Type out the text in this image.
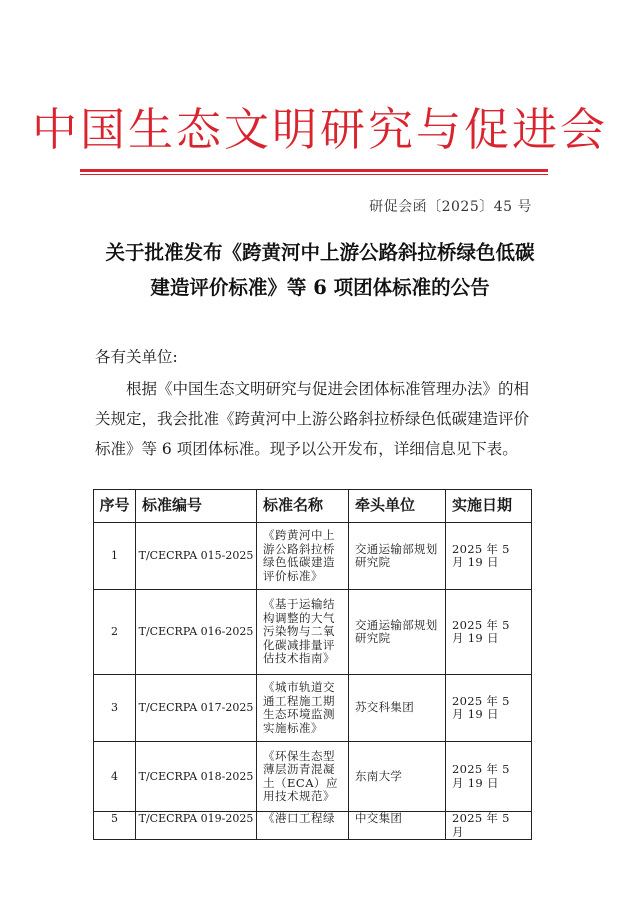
中国生态文明研究与促进会
研促会函〔2025〕45 号
关于批准发布《跨黄河中上游公路斜拉桥绿色低碳
建造评价标准》等 6 项团体标准的公告
各有关单位:
根据《中国生态文明研究与促进会团体标准管理办法》的相
关规定，我会批准《跨黄河中上游公路斜拉桥绿色低碳建造评价
标准》等 6 项团体标准。现予以公开发布，详细信息见下表。
序号	标准编号	标准名称	牵头单位	实施日期
1	T/CECRPA 015-2025	《跨黄河中上游公路斜拉桥绿色低碳建造评价标准》	交通运输部规划研究院	2025 年 5 月 19 日
2	T/CECRPA 016-2025	《基于运输结构调整的大气污染物与二氧化碳减排量评估技术指南》	交通运输部规划研究院	2025 年 5 月 19 日
3	T/CECRPA 017-2025	《城市轨道交通工程施工期生态环境监测实施标准》	苏交科集团	2025 年 5 月 19 日
4	T/CECRPA 018-2025	《环保生态型薄层沥青混凝土（ECA）应用技术规范》	东南大学	2025 年 5 月 19 日
5	T/CECRPA 019-2025	《港口工程绿	中交集团	2025 年 5 月
